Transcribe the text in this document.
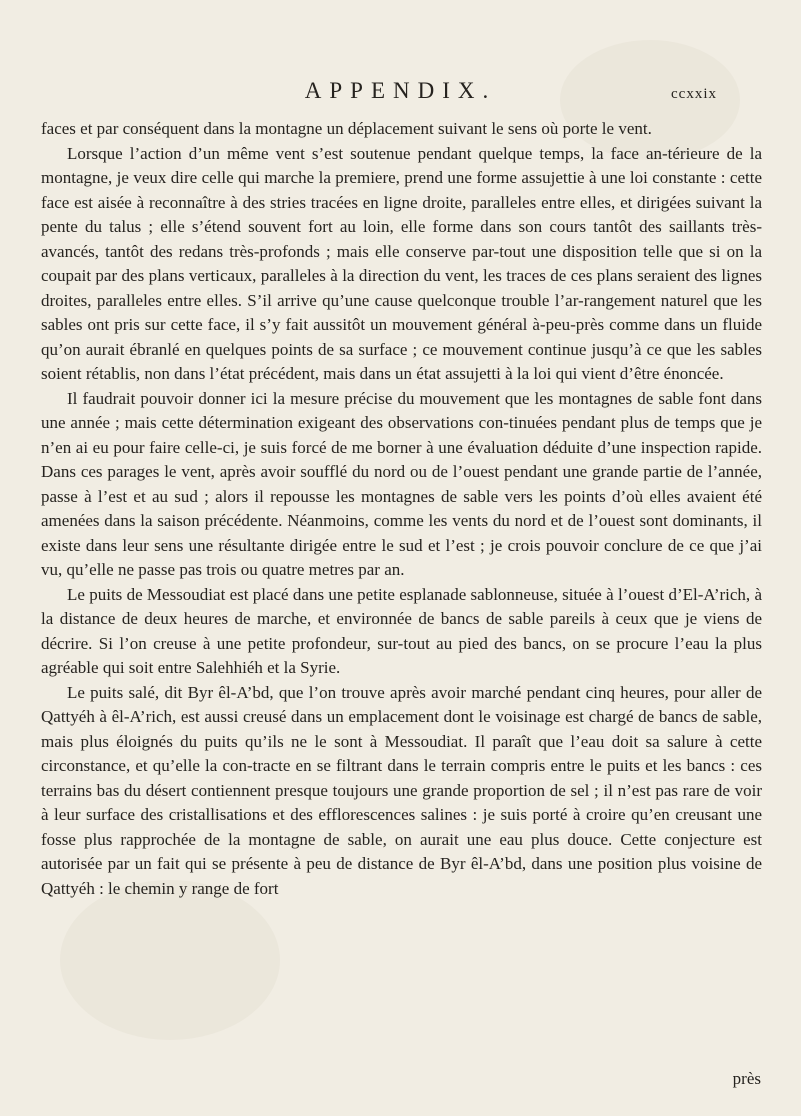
APPENDIX.	ccxxix

faces et par conséquent dans la montagne un déplacement suivant le sens où porte le vent.

Lorsque l’action d’un même vent s’est soutenue pendant quelque temps, la face an-térieure de la montagne, je veux dire celle qui marche la premiere, prend une forme assujettie à une loi constante : cette face est aisée à reconnaître à des stries tracées en ligne droite, paralleles entre elles, et dirigées suivant la pente du talus ; elle s’étend souvent fort au loin, elle forme dans son cours tantôt des saillants très-avancés, tantôt des redans très-profonds ; mais elle conserve par-tout une disposition telle que si on la coupait par des plans verticaux, paralleles à la direction du vent, les traces de ces plans seraient des lignes droites, paralleles entre elles. S’il arrive qu’une cause quelconque trouble l’ar-rangement naturel que les sables ont pris sur cette face, il s’y fait aussitôt un mouvement général à-peu-près comme dans un fluide qu’on aurait ébranlé en quelques points de sa surface ; ce mouvement continue jusqu’à ce que les sables soient rétablis, non dans l’état précédent, mais dans un état assujetti à la loi qui vient d’être énoncée.

Il faudrait pouvoir donner ici la mesure précise du mouvement que les montagnes de sable font dans une année ; mais cette détermination exigeant des observations con-tinuées pendant plus de temps que je n’en ai eu pour faire celle-ci, je suis forcé de me borner à une évaluation déduite d’une inspection rapide. Dans ces parages le vent, après avoir soufflé du nord ou de l’ouest pendant une grande partie de l’année, passe à l’est et au sud ; alors il repousse les montagnes de sable vers les points d’où elles avaient été amenées dans la saison précédente. Néanmoins, comme les vents du nord et de l’ouest sont dominants, il existe dans leur sens une résultante dirigée entre le sud et l’est ; je crois pouvoir conclure de ce que j’ai vu, qu’elle ne passe pas trois ou quatre metres par an.

Le puits de Messoudiat est placé dans une petite esplanade sablonneuse, située à l’ouest d’El-A’rich, à la distance de deux heures de marche, et environnée de bancs de sable pareils à ceux que je viens de décrire. Si l’on creuse à une petite profondeur, sur-tout au pied des bancs, on se procure l’eau la plus agréable qui soit entre Salehhiéh et la Syrie.

Le puits salé, dit Byr êl-A’bd, que l’on trouve après avoir marché pendant cinq heures, pour aller de Qattyéh à êl-A’rich, est aussi creusé dans un emplacement dont le voisinage est chargé de bancs de sable, mais plus éloignés du puits qu’ils ne le sont à Messoudiat. Il paraît que l’eau doit sa salure à cette circonstance, et qu’elle la con-tracte en se filtrant dans le terrain compris entre le puits et les bancs : ces terrains bas du désert contiennent presque toujours une grande proportion de sel ; il n’est pas rare de voir à leur surface des cristallisations et des efflorescences salines : je suis porté à croire qu’en creusant une fosse plus rapprochée de la montagne de sable, on aurait une eau plus douce. Cette conjecture est autorisée par un fait qui se présente à peu de distance de Byr êl-A’bd, dans une position plus voisine de Qattyéh : le chemin y range de fort

près
